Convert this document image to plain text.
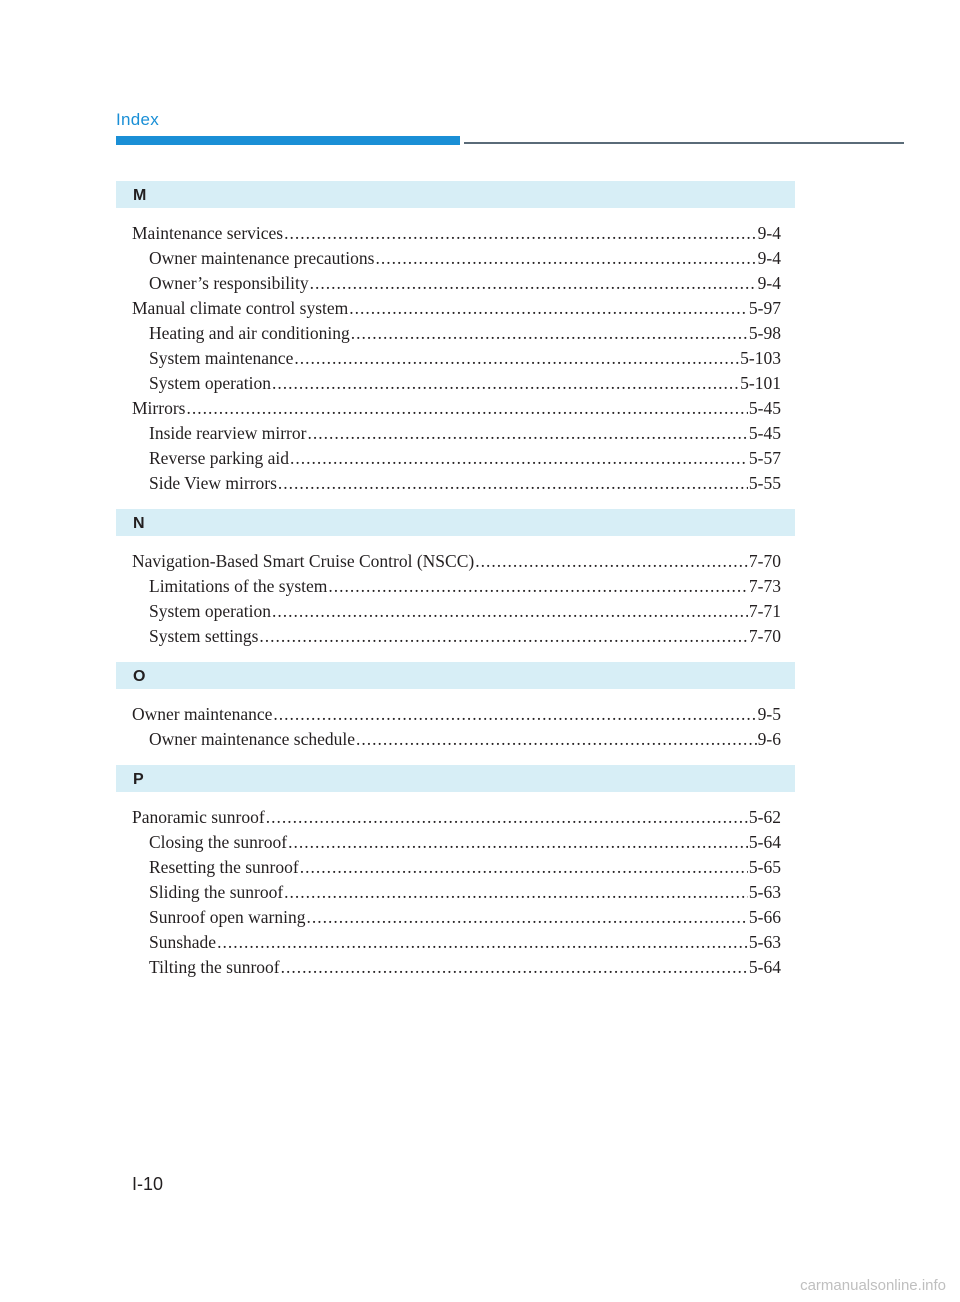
Index
M
Maintenance services .....	9-4
Owner maintenance precautions .....	9-4
Owner’s responsibility .....	9-4
Manual climate control system .....	5-97
Heating and air conditioning .....	5-98
System maintenance .....	5-103
System operation .....	5-101
Mirrors .....	5-45
Inside rearview mirror .....	5-45
Reverse parking aid .....	5-57
Side View mirrors .....	5-55
N
Navigation-Based Smart Cruise Control (NSCC) .....	7-70
Limitations of the system .....	7-73
System operation .....	7-71
System settings .....	7-70
O
Owner maintenance .....	9-5
Owner maintenance schedule .....	9-6
P
Panoramic sunroof .....	5-62
Closing the sunroof .....	5-64
Resetting the sunroof .....	5-65
Sliding the sunroof .....	5-63
Sunroof open warning .....	5-66
Sunshade .....	5-63
Tilting the sunroof .....	5-64
I-10
carmanualsonline.info
